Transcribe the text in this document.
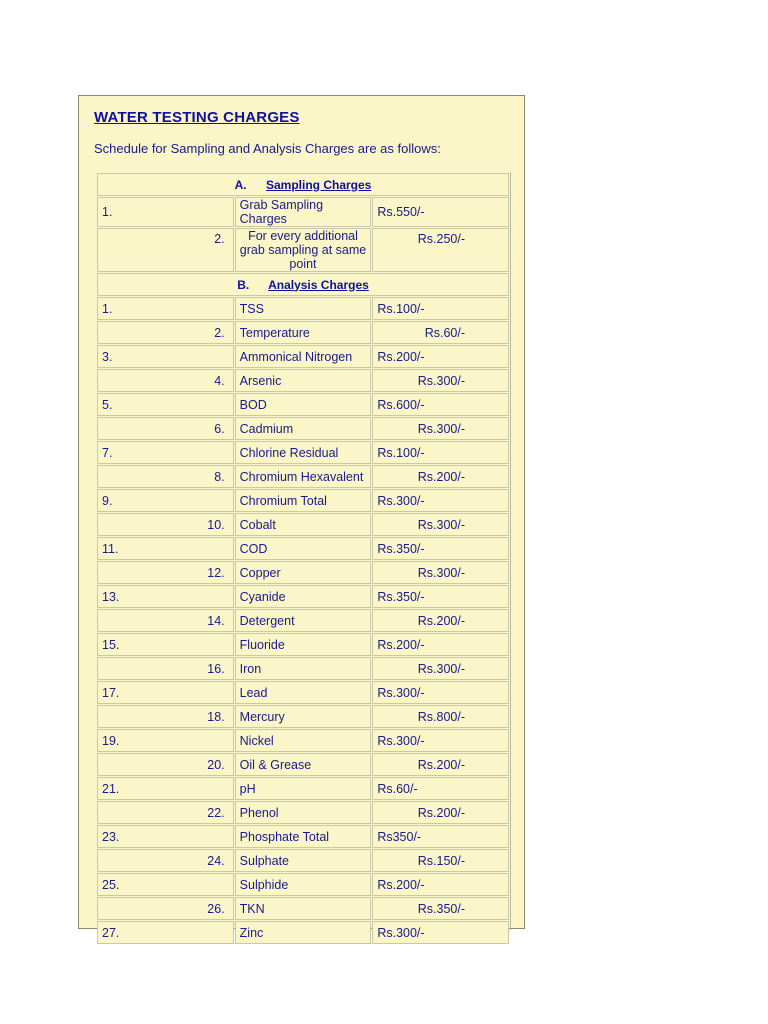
WATER TESTING CHARGES
Schedule for Sampling and Analysis Charges are as follows:
A. Sampling Charges		
1.	Grab Sampling Charges	Rs.550/-
2.	For every additional grab sampling at same point	Rs.250/-
B. Analysis Charges		
1.	TSS	Rs.100/-
2.	Temperature	Rs.60/-
3.	Ammonical Nitrogen	Rs.200/-
4.	Arsenic	Rs.300/-
5.	BOD	Rs.600/-
6.	Cadmium	Rs.300/-
7.	Chlorine Residual	Rs.100/-
8.	Chromium Hexavalent	Rs.200/-
9.	Chromium Total	Rs.300/-
10.	Cobalt	Rs.300/-
11.	COD	Rs.350/-
12.	Copper	Rs.300/-
13.	Cyanide	Rs.350/-
14.	Detergent	Rs.200/-
15.	Fluoride	Rs.200/-
16.	Iron	Rs.300/-
17.	Lead	Rs.300/-
18.	Mercury	Rs.800/-
19.	Nickel	Rs.300/-
20.	Oil & Grease	Rs.200/-
21.	pH	Rs.60/-
22.	Phenol	Rs.200/-
23.	Phosphate Total	Rs350/-
24.	Sulphate	Rs.150/-
25.	Sulphide	Rs.200/-
26.	TKN	Rs.350/-
27.	Zinc	Rs.300/-
